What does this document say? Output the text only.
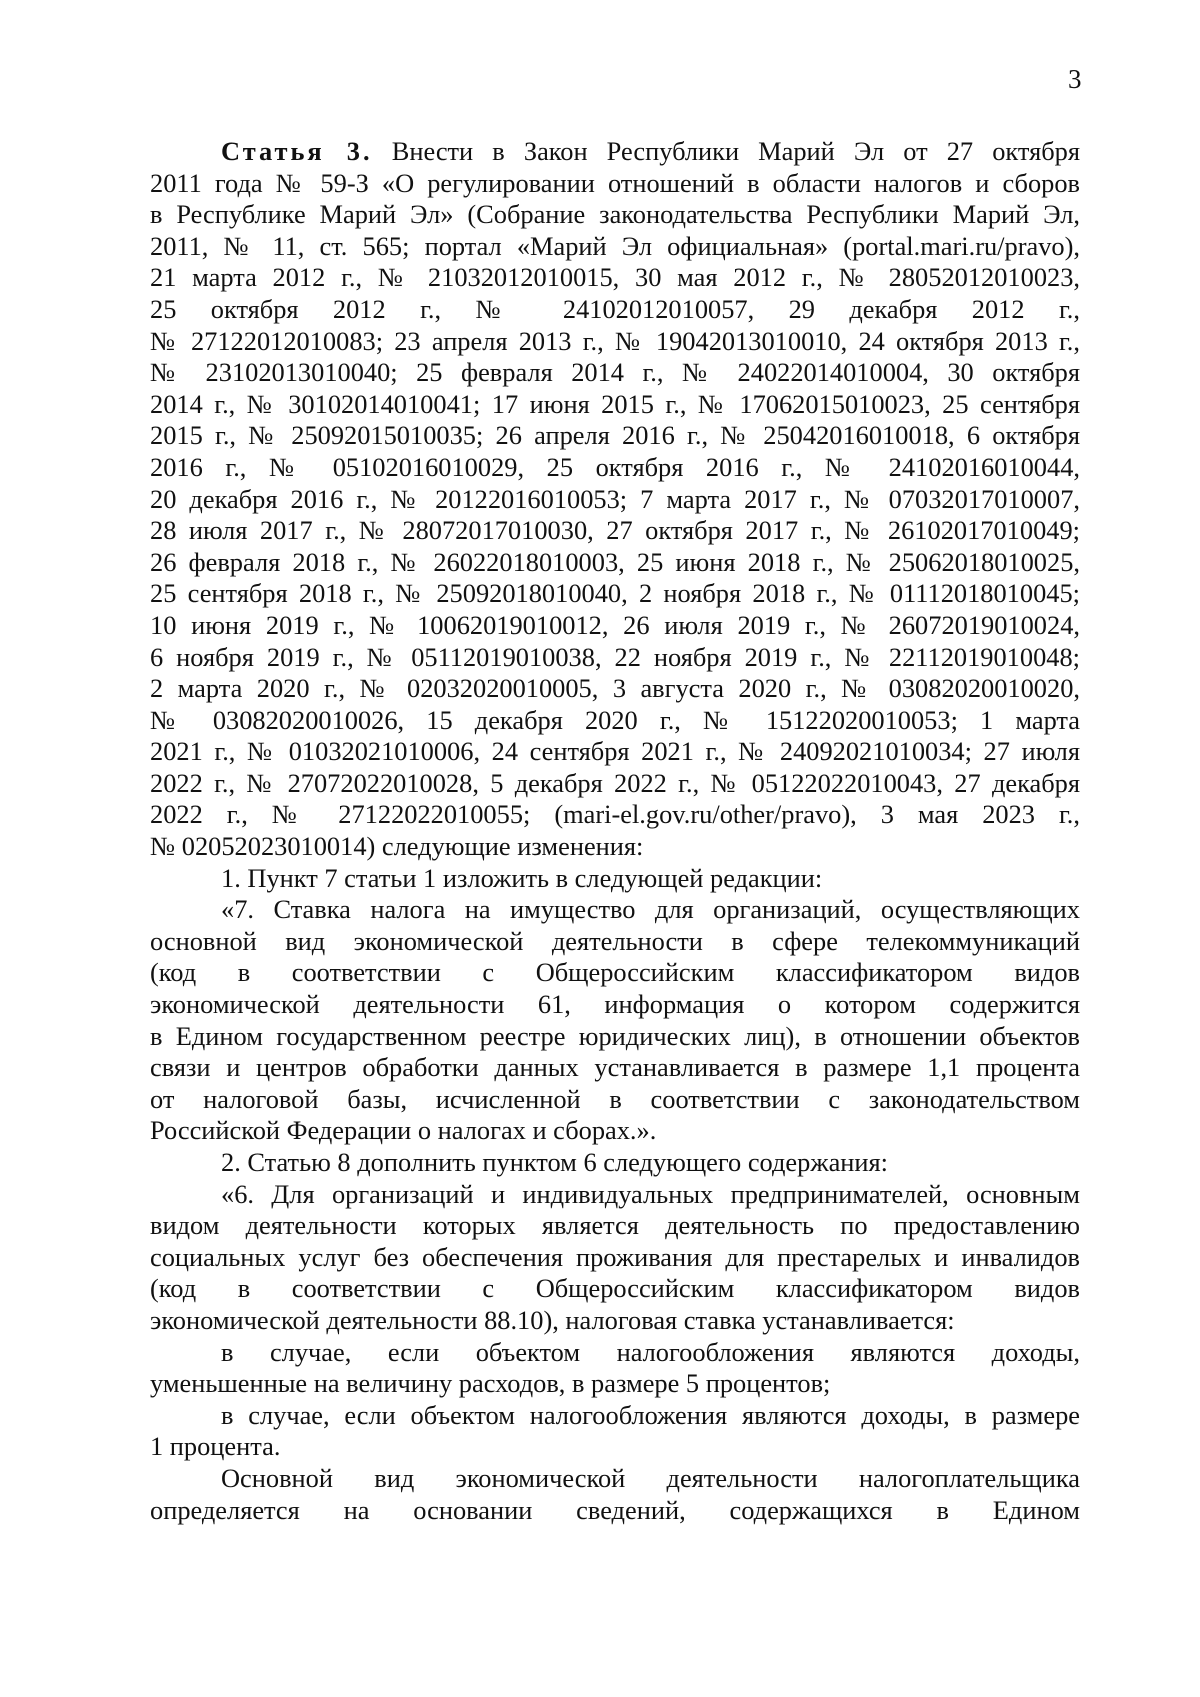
3
Статья 3. Внести в Закон Республики Марий Эл от 27 октября
2011 года № 59-З «О регулировании отношений в области налогов и сборов
в Республике Марий Эл» (Собрание законодательства Республики Марий Эл,
2011, № 11, ст. 565; портал «Марий Эл официальная» (portal.mari.ru/pravo),
21 марта 2012 г., № 21032012010015, 30 мая 2012 г., № 28052012010023,
25 октября 2012 г., № 24102012010057, 29 декабря 2012 г.,
№ 27122012010083; 23 апреля 2013 г., № 19042013010010, 24 октября 2013 г.,
№ 23102013010040; 25 февраля 2014 г., № 24022014010004, 30 октября
2014 г., № 30102014010041; 17 июня 2015 г., № 17062015010023, 25 сентября
2015 г., № 25092015010035; 26 апреля 2016 г., № 25042016010018, 6 октября
2016 г., № 05102016010029, 25 октября 2016 г., № 24102016010044,
20 декабря 2016 г., № 20122016010053; 7 марта 2017 г., № 07032017010007,
28 июля 2017 г., № 28072017010030, 27 октября 2017 г., № 26102017010049;
26 февраля 2018 г., № 26022018010003, 25 июня 2018 г., № 25062018010025,
25 сентября 2018 г., № 25092018010040, 2 ноября 2018 г., № 01112018010045;
10 июня 2019 г., № 10062019010012, 26 июля 2019 г., № 26072019010024,
6 ноября 2019 г., № 05112019010038, 22 ноября 2019 г., № 22112019010048;
2 марта 2020 г., № 02032020010005, 3 августа 2020 г., № 03082020010020,
№ 03082020010026, 15 декабря 2020 г., № 15122020010053; 1 марта
2021 г., № 01032021010006, 24 сентября 2021 г., № 24092021010034; 27 июля
2022 г., № 27072022010028, 5 декабря 2022 г., № 05122022010043, 27 декабря
2022 г., № 27122022010055; (mari-el.gov.ru/other/pravo), 3 мая 2023 г.,
№ 02052023010014) следующие изменения:
1. Пункт 7 статьи 1 изложить в следующей редакции:
«7. Ставка налога на имущество для организаций, осуществляющих
основной вид экономической деятельности в сфере телекоммуникаций
(код в соответствии с Общероссийским классификатором видов
экономической деятельности 61, информация о котором содержится
в Едином государственном реестре юридических лиц), в отношении объектов
связи и центров обработки данных устанавливается в размере 1,1 процента
от налоговой базы, исчисленной в соответствии с законодательством
Российской Федерации о налогах и сборах.».
2. Статью 8 дополнить пунктом 6 следующего содержания:
«6. Для организаций и индивидуальных предпринимателей, основным
видом деятельности которых является деятельность по предоставлению
социальных услуг без обеспечения проживания для престарелых и инвалидов
(код в соответствии с Общероссийским классификатором видов
экономической деятельности 88.10), налоговая ставка устанавливается:
в случае, если объектом налогообложения являются доходы,
уменьшенные на величину расходов, в размере 5 процентов;
в случае, если объектом налогообложения являются доходы, в размере
1 процента.
Основной вид экономической деятельности налогоплательщика
определяется на основании сведений, содержащихся в Едином
